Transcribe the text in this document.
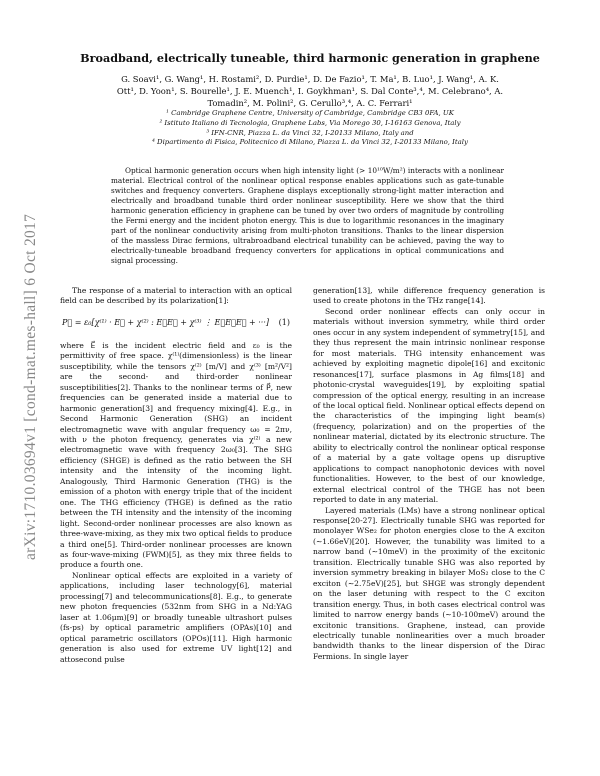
arXiv:1710.03694v1 [cond-mat.mes-hall] 6 Oct 2017
Broadband, electrically tuneable, third harmonic generation in graphene
G. Soavi¹, G. Wang¹, H. Rostami², D. Purdie¹, D. De Fazio¹, T. Ma¹, B. Luo¹, J. Wang¹, A. K. Ott¹, D. Yoon¹, S. Bourelle¹, J. E. Muench¹, I. Goykhman¹, S. Dal Conte³,⁴, M. Celebrano⁴, A. Tomadin², M. Polini², G. Cerullo³,⁴, A. C. Ferrari¹
¹ Cambridge Graphene Centre, University of Cambridge, Cambridge CB3 0FA, UK
² Istituto Italiano di Tecnologia, Graphene Labs, Via Morego 30, I-16163 Genova, Italy
³ IFN-CNR, Piazza L. da Vinci 32, I-20133 Milano, Italy and
⁴ Dipartimento di Fisica, Politecnico di Milano, Piazza L. da Vinci 32, I-20133 Milano, Italy
Optical harmonic generation occurs when high intensity light (> 10¹⁰W/m²) interacts with a nonlinear material. Electrical control of the nonlinear optical response enables applications such as gate-tunable switches and frequency converters. Graphene displays exceptionally strong-light matter interaction and electrically and broadband tunable third order nonlinear susceptibility. Here we show that the third harmonic generation efficiency in graphene can be tuned by over two orders of magnitude by controlling the Fermi energy and the incident photon energy. This is due to logarithmic resonances in the imaginary part of the nonlinear conductivity arising from multi-photon transitions. Thanks to the linear dispersion of the massless Dirac fermions, ultrabroadband electrical tunability can be achieved, paving the way to electrically-tuneable broadband frequency converters for applications in optical communications and signal processing.

The response of a material to interaction with an optical field can be described by its polarization[1]:

P⃗ = ε₀[χ⁽¹⁾ · E⃗ + χ⁽²⁾ : E⃗E⃗ + χ⁽³⁾ ⋮ E⃗E⃗E⃗ + ···] (1)

where E⃗ is the incident electric field and ε₀ is the permittivity of free space. χ⁽¹⁾(dimensionless) is the linear susceptibility, while the tensors χ⁽²⁾ [m/V] and χ⁽³⁾ [m²/V²] are the second- and third-order nonlinear susceptibilities[2]. Thanks to the nonlinear terms of P⃗, new frequencies can be generated inside a material due to harmonic generation[3] and frequency mixing[4]. E.g., in Second Harmonic Generation (SHG) an incident electromagnetic wave with angular frequency ω₀ = 2πν, with ν the photon frequency, generates via χ⁽²⁾ a new electromagnetic wave with frequency 2ω₀[3]. The SHG efficiency (SHGE) is defined as the ratio between the SH intensity and the intensity of the incoming light. Analogously, Third Harmonic Generation (THG) is the emission of a photon with energy triple that of the incident one. The THG efficiency (THGE) is defined as the ratio between the TH intensity and the intensity of the incoming light. Second-order nonlinear processes are also known as three-wave-mixing, as they mix two optical fields to produce a third one[5]. Third-order nonlinear processes are known as four-wave-mixing (FWM)[5], as they mix three fields to produce a fourth one.

Nonlinear optical effects are exploited in a variety of applications, including laser technology[6], material processing[7] and telecommunications[8]. E.g., to generate new photon frequencies (532nm from SHG in a Nd:YAG laser at 1.06μm)[9] or broadly tuneable ultrashort pulses (fs-ps) by optical parametric amplifiers (OPAs)[10] and optical parametric oscillators (OPOs)[11]. High harmonic generation is also used for extreme UV light[12] and attosecond pulse

generation[13], while difference frequency generation is used to create photons in the THz range[14].

Second order nonlinear effects can only occur in materials without inversion symmetry, while third order ones occur in any system independent of symmetry[15], and they thus represent the main intrinsic nonlinear response for most materials. THG intensity enhancement was achieved by exploiting magnetic dipole[16] and excitonic resonances[17], surface plasmons in Ag films[18] and photonic-crystal waveguides[19], by exploiting spatial compression of the optical energy, resulting in an increase of the local optical field. Nonlinear optical effects depend on the characteristics of the impinging light beam(s) (frequency, polarization) and on the properties of the nonlinear material, dictated by its electronic structure. The ability to electrically control the nonlinear optical response of a material by a gate voltage opens up disruptive applications to compact nanophotonic devices with novel functionalities. However, to the best of our knowledge, external electrical control of the THGE has not been reported to date in any material.

Layered materials (LMs) have a strong nonlinear optical response[20-27]. Electrically tunable SHG was reported for monolayer WSe₂ for photon energies close to the A exciton (∼1.66eV)[20]. However, the tunability was limited to a narrow band (∼10meV) in the proximity of the excitonic transition. Electrically tunable SHG was also reported by inversion symmetry breaking in bilayer MoS₂ close to the C exciton (∼2.75eV)[25], but SHGE was strongly dependent on the laser detuning with respect to the C exciton transition energy. Thus, in both cases electrical control was limited to narrow energy bands (∼10-100meV) around the excitonic transitions. Graphene, instead, can provide electrically tunable nonlinearities over a much broader bandwidth thanks to the linear dispersion of the Dirac Fermions. In single layer
